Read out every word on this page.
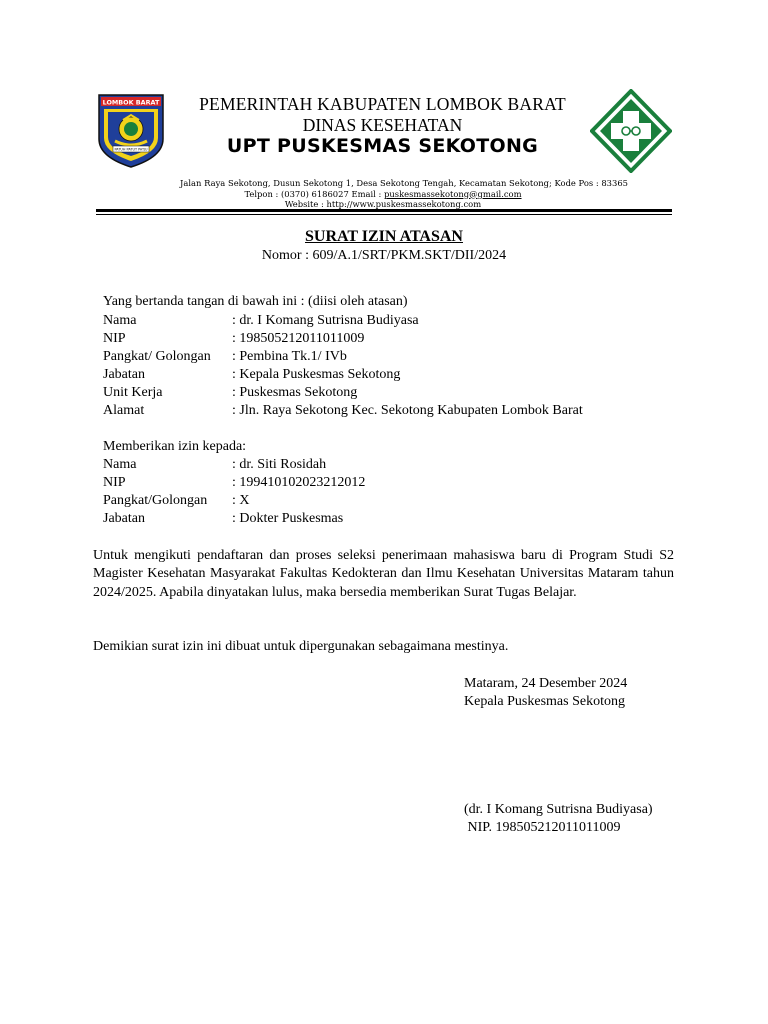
LOMBOK BARAT
PATUH PATUT PATJU
PEMERINTAH KABUPATEN LOMBOK BARAT
DINAS KESEHATAN
UPT PUSKESMAS SEKOTONG
Jalan Raya Sekotong, Dusun Sekotong 1, Desa Sekotong Tengah, Kecamatan Sekotong; Kode Pos : 83365
Telpon : (0370) 6186027 Email : puskesmassekotong@gmail.com
Website : http://www.puskesmassekotong.com
SURAT IZIN ATASAN
Nomor : 609/A.1/SRT/PKM.SKT/DII/2024
Yang bertanda tangan di bawah ini : (diisi oleh atasan)
Nama	: dr. I Komang Sutrisna Budiyasa
NIP	: 198505212011011009
Pangkat/ Golongan : Pembina Tk.1/ IVb
Jabatan	: Kepala Puskesmas Sekotong
Unit Kerja	: Puskesmas Sekotong
Alamat	: Jln. Raya Sekotong Kec. Sekotong Kabupaten Lombok Barat
Memberikan izin kepada:
Nama	: dr. Siti Rosidah
NIP	: 199410102023212012
Pangkat/Golongan : X
Jabatan	: Dokter Puskesmas
Untuk mengikuti pendaftaran dan proses seleksi penerimaan mahasiswa baru di Program Studi S2 Magister Kesehatan Masyarakat Fakultas Kedokteran dan Ilmu Kesehatan Universitas Mataram tahun 2024/2025. Apabila dinyatakan lulus, maka bersedia memberikan Surat Tugas Belajar.
Demikian surat izin ini dibuat untuk dipergunakan sebagaimana mestinya.
Mataram, 24 Desember 2024
Kepala Puskesmas Sekotong
(dr. I Komang Sutrisna Budiyasa)
NIP. 198505212011011009
